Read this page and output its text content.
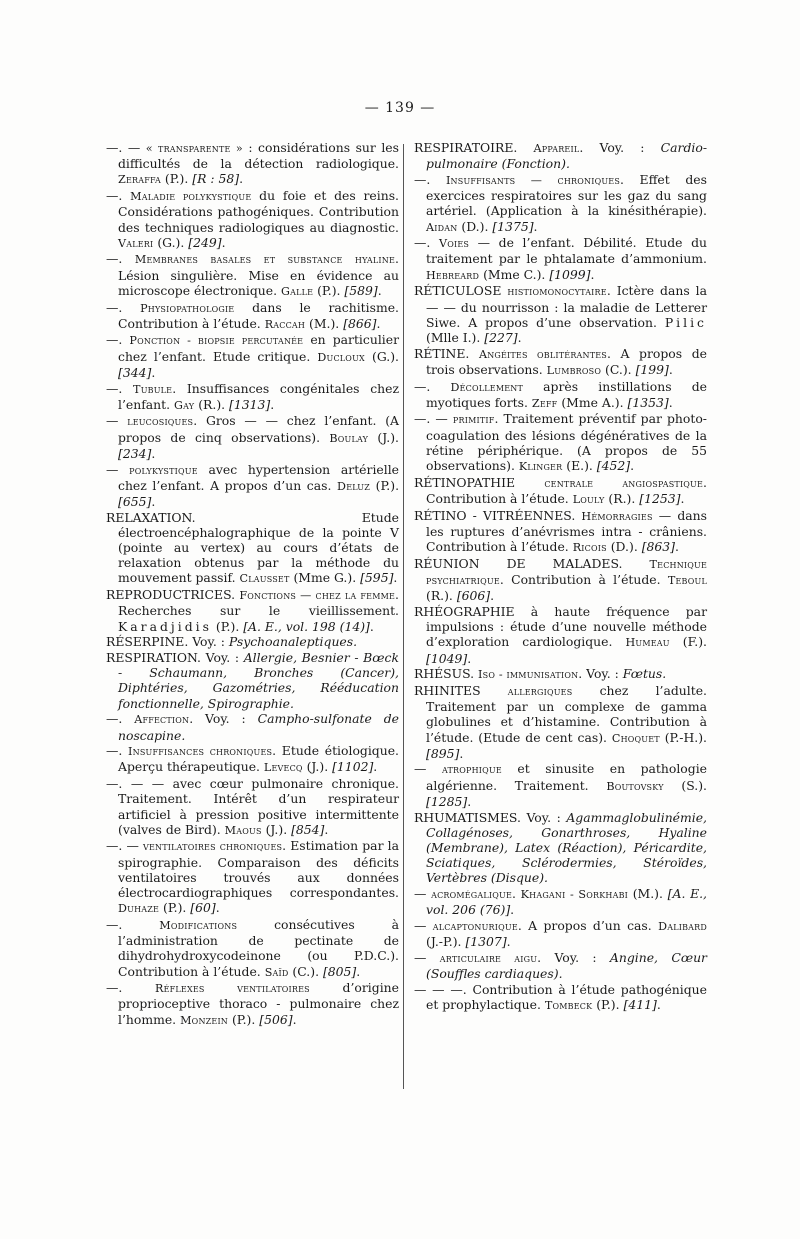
— 139 —

—. — « transparente » : considérations sur les difficultés de la détection radiologique. Zeraffa (P.). [R : 58].

—. Maladie polykystique du foie et des reins. Considérations pathogéniques. Contribution des techniques radiologiques au diagnostic. Valeri (G.). [249].

—. Membranes basales et substance hyaline. Lésion singulière. Mise en évidence au microscope électronique. Galle (P.). [589].

—. Physiopathologie dans le rachitisme. Contribution à l’étude. Raccah (M.). [866].

—. Ponction - biopsie percutanée en particulier chez l’enfant. Etude critique. Ducloux (G.). [344].

—. Tubule. Insuffisances congénitales chez l’enfant. Gay (R.). [1313].

— leucosiques. Gros — — chez l’enfant. (A propos de cinq observations). Boulay (J.). [234].

— polykystique avec hypertension artérielle chez l’enfant. A propos d’un cas. Deluz (P.). [655].

RELAXATION. Etude électroencéphalographique de la pointe V (pointe au vertex) au cours d’états de relaxation obtenus par la méthode du mouvement passif. Clausset (Mme G.). [595].

REPRODUCTRICES. Fonctions — chez la femme. Recherches sur le vieillissement. Karadjidis (P.). [A. E., vol. 198 (14)].

RÉSERPINE. Voy. : Psychoanaleptiques.

RESPIRATION. Voy. : Allergie, Besnier - Bœck - Schaumann, Bronches (Cancer), Diphtéries, Gazométries, Rééducation fonctionnelle, Spirographie.

—. Affection. Voy. : Campho-sulfonate de noscapine.

—. Insuffisances chroniques. Etude étiologique. Aperçu thérapeutique. Levecq (J.). [1102].

—. — — avec cœur pulmonaire chronique. Traitement. Intérêt d’un respirateur artificiel à pression positive intermittente (valves de Bird). Maous (J.). [854].

—. — ventilatoires chroniques. Estimation par la spirographie. Comparaison des déficits ventilatoires trouvés aux données électrocardiographiques correspondantes. Duhaze (P.). [60].

—. Modifications consécutives à l’administration de pectinate de dihydrohydroxycodeinone (ou P.D.C.). Contribution à l’étude. Saïd (C.). [805].

—. Réflexes ventilatoires d’origine proprioceptive thoraco - pulmonaire chez l’homme. Monzein (P.). [506].

RESPIRATOIRE. Appareil. Voy. : Cardio-pulmonaire (Fonction).

—. Insuffisants — chroniques. Effet des exercices respiratoires sur les gaz du sang artériel. (Application à la kinésithérapie). Aidan (D.). [1375].

—. Voies — de l’enfant. Débilité. Etude du traitement par le phtalamate d’ammonium. Hebreard (Mme C.). [1099].

RÉTICULOSE histiomonocytaire. Ictère dans la — — du nourrisson : la maladie de Letterer Siwe. A propos d’une observation. Pilic (Mlle I.). [227].

RÉTINE. Angéites oblitérantes. A propos de trois observations. Lumbroso (C.). [199].

—. Décollement après instillations de myotiques forts. Zeff (Mme A.). [1353].

—. — primitif. Traitement préventif par photo-coagulation des lésions dégénératives de la rétine périphérique. (A propos de 55 observations). Klinger (E.). [452].

RÉTINOPATHIE centrale angiospastique. Contribution à l’étude. Louly (R.). [1253].

RÉTINO - VITRÉENNES. Hémorragies — dans les ruptures d’anévrismes intra - crâniens. Contribution à l’étude. Ricois (D.). [863].

RÉUNION DE MALADES. Technique psychiatrique. Contribution à l’étude. Teboul (R.). [606].

RHÉOGRAPHIE à haute fréquence par impulsions : étude d’une nouvelle méthode d’exploration cardiologique. Humeau (F.). [1049].

RHÉSUS. Iso - immunisation. Voy. : Fœtus.

RHINITES allergiques chez l’adulte. Traitement par un complexe de gamma globulines et d’histamine. Contribution à l’étude. (Etude de cent cas). Choquet (P.-H.). [895].

— atrophique et sinusite en pathologie algérienne. Traitement. Boutovsky (S.). [1285].

RHUMATISMES. Voy. : Agammaglobulinémie, Collagénoses, Gonarthroses, Hyaline (Membrane), Latex (Réaction), Péricardite, Sciatiques, Sclérodermies, Stéroïdes, Vertèbres (Disque).

— acromégalique. Khagani - Sorkhabi (M.). [A. E., vol. 206 (76)].

— alcaptonurique. A propos d’un cas. Dalibard (J.-P.). [1307].

— articulaire aigu. Voy. : Angine, Cœur (Souffles cardiaques).

— — —. Contribution à l’étude pathogénique et prophylactique. Tombeck (P.). [411].
